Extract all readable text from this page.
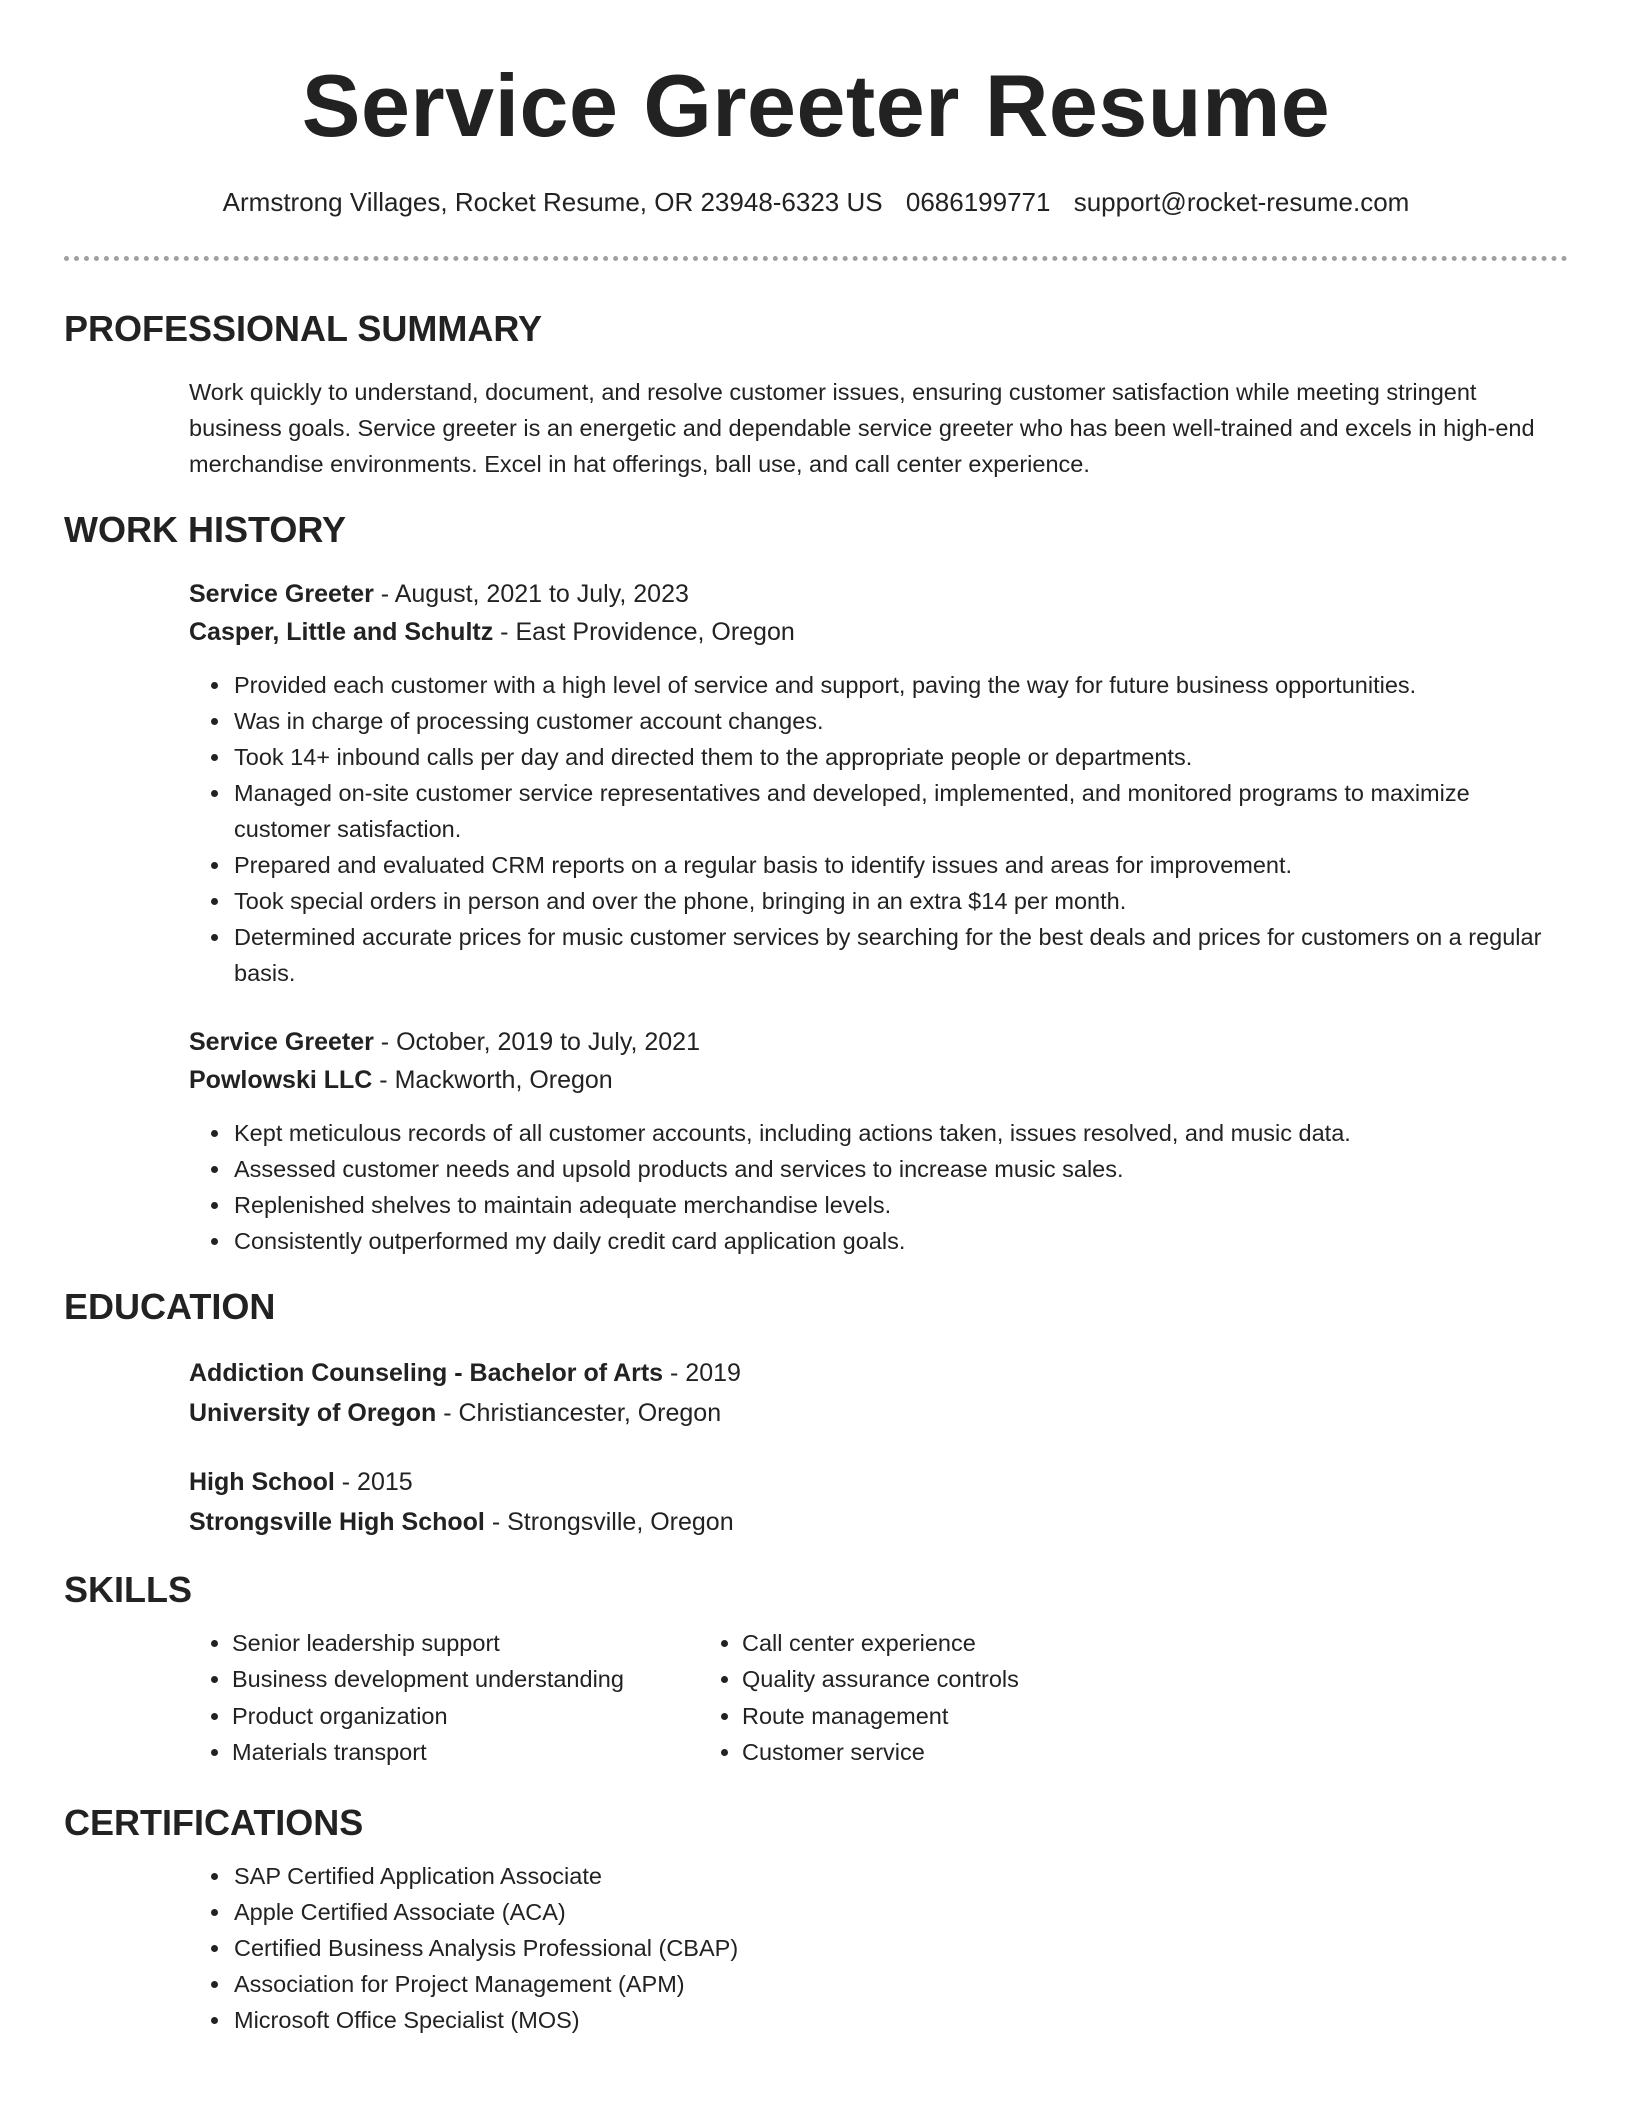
Service Greeter Resume
Armstrong Villages, Rocket Resume, OR 23948-6323 US 0686199771 support@rocket-resume.com
PROFESSIONAL SUMMARY
Work quickly to understand, document, and resolve customer issues, ensuring customer satisfaction while meeting stringent business goals. Service greeter is an energetic and dependable service greeter who has been well-trained and excels in high-end merchandise environments. Excel in hat offerings, ball use, and call center experience.
WORK HISTORY
Service Greeter - August, 2021 to July, 2023
Casper, Little and Schultz - East Providence, Oregon
• Provided each customer with a high level of service and support, paving the way for future business opportunities.
• Was in charge of processing customer account changes.
• Took 14+ inbound calls per day and directed them to the appropriate people or departments.
• Managed on-site customer service representatives and developed, implemented, and monitored programs to maximize customer satisfaction.
• Prepared and evaluated CRM reports on a regular basis to identify issues and areas for improvement.
• Took special orders in person and over the phone, bringing in an extra $14 per month.
• Determined accurate prices for music customer services by searching for the best deals and prices for customers on a regular basis.
Service Greeter - October, 2019 to July, 2021
Powlowski LLC - Mackworth, Oregon
• Kept meticulous records of all customer accounts, including actions taken, issues resolved, and music data.
• Assessed customer needs and upsold products and services to increase music sales.
• Replenished shelves to maintain adequate merchandise levels.
• Consistently outperformed my daily credit card application goals.
EDUCATION
Addiction Counseling - Bachelor of Arts - 2019
University of Oregon - Christiancester, Oregon
High School - 2015
Strongsville High School - Strongsville, Oregon
SKILLS
• Senior leadership support
• Business development understanding
• Product organization
• Materials transport
• Call center experience
• Quality assurance controls
• Route management
• Customer service
CERTIFICATIONS
• SAP Certified Application Associate
• Apple Certified Associate (ACA)
• Certified Business Analysis Professional (CBAP)
• Association for Project Management (APM)
• Microsoft Office Specialist (MOS)
